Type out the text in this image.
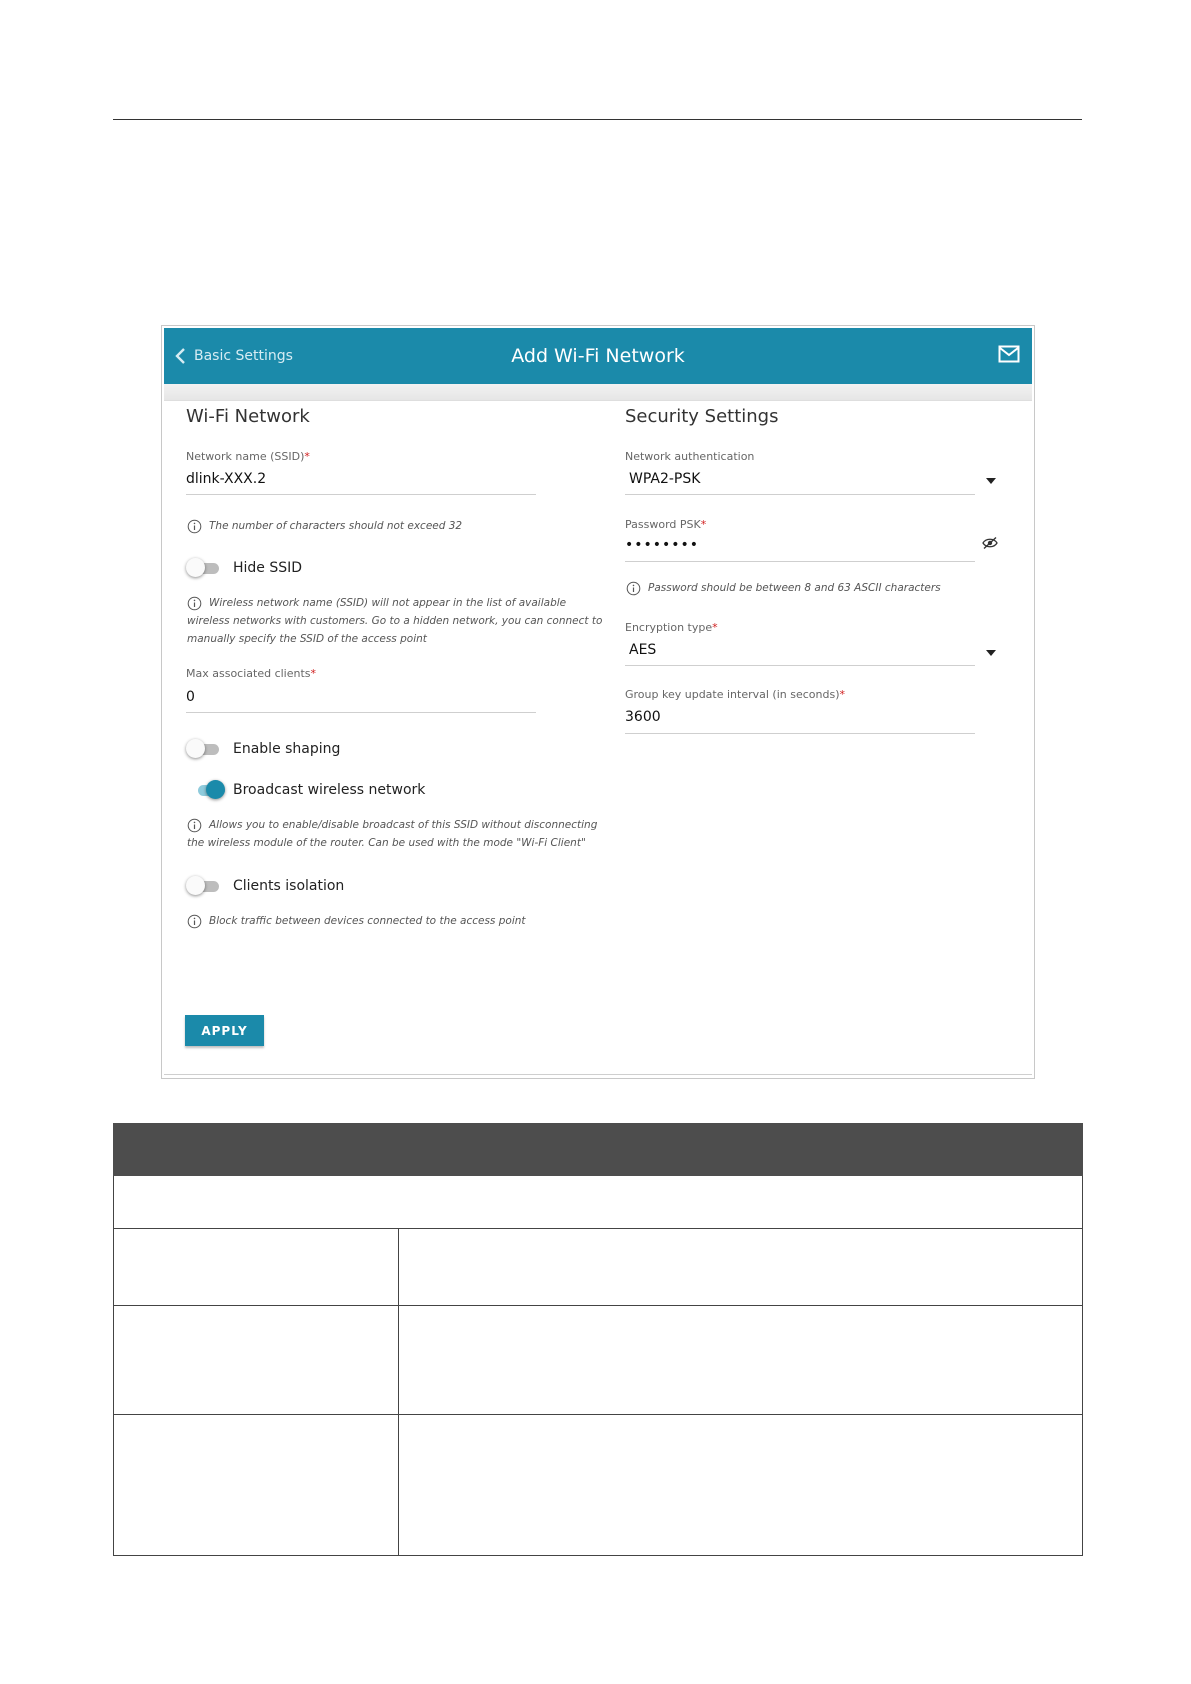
Basic Settings	Add Wi-Fi Network
Wi-Fi Network
Network name (SSID)*
dlink-XXX.2
The number of characters should not exceed 32
Hide SSID
Wireless network name (SSID) will not appear in the list of available
wireless networks with customers. Go to a hidden network, you can connect to
manually specify the SSID of the access point
Max associated clients*
0
Enable shaping
Broadcast wireless network
Allows you to enable/disable broadcast of this SSID without disconnecting
the wireless module of the router. Can be used with the mode "Wi-Fi Client"
Clients isolation
Block traffic between devices connected to the access point
APPLY
Security Settings
Network authentication
WPA2-PSK
Password PSK*
••••••••
Password should be between 8 and 63 ASCII characters
Encryption type*
AES
Group key update interval (in seconds)*
3600
